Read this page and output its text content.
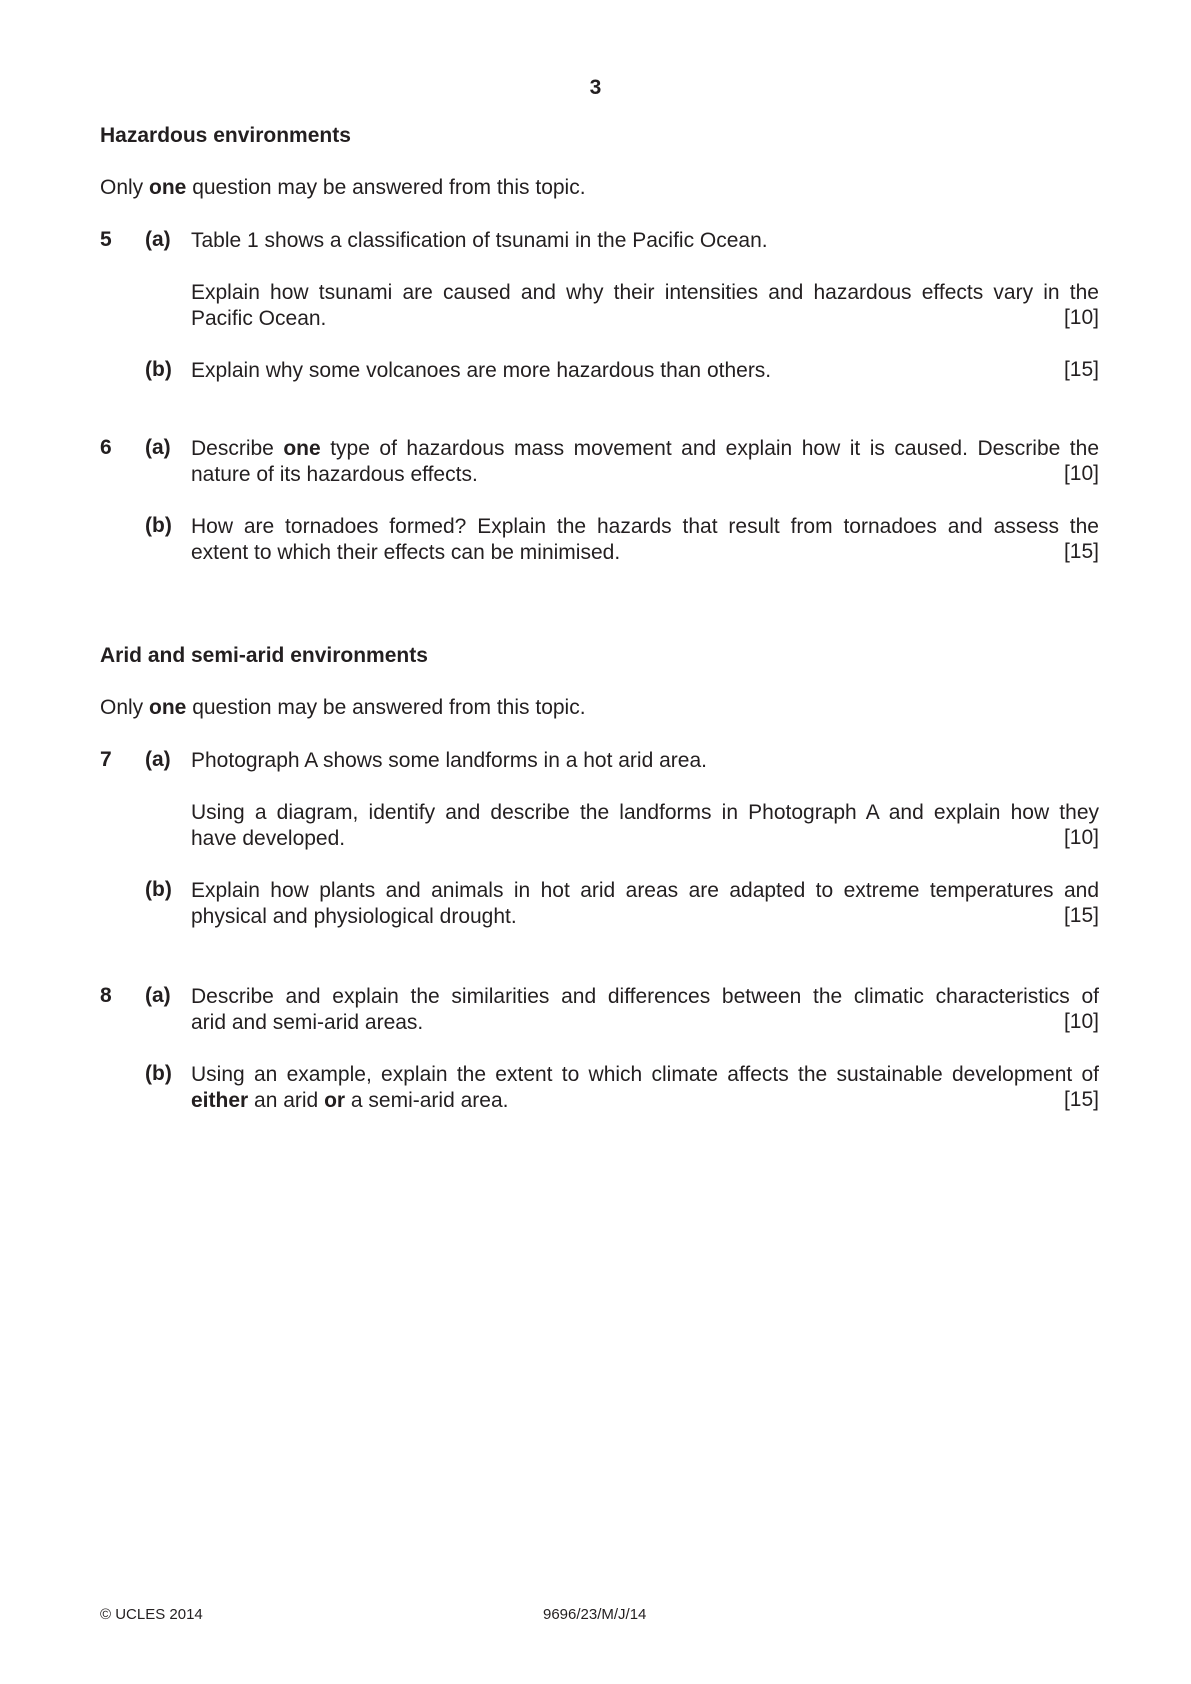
3
Hazardous environments
Only one question may be answered from this topic.
5 (a) Table 1 shows a classification of tsunami in the Pacific Ocean.
Explain how tsunami are caused and why their intensities and hazardous effects vary in the
Pacific Ocean.	[10]
(b) Explain why some volcanoes are more hazardous than others.	[15]
6 (a) Describe one type of hazardous mass movement and explain how it is caused. Describe the
nature of its hazardous effects.	[10]
(b) How are tornadoes formed? Explain the hazards that result from tornadoes and assess the
extent to which their effects can be minimised.	[15]
Arid and semi-arid environments
Only one question may be answered from this topic.
7 (a) Photograph A shows some landforms in a hot arid area.
Using a diagram, identify and describe the landforms in Photograph A and explain how they
have developed.	[10]
(b) Explain how plants and animals in hot arid areas are adapted to extreme temperatures and
physical and physiological drought.	[15]
8 (a) Describe and explain the similarities and differences between the climatic characteristics of
arid and semi-arid areas.	[10]
(b) Using an example, explain the extent to which climate affects the sustainable development of
either an arid or a semi-arid area.	[15]
© UCLES 2014	9696/23/M/J/14
